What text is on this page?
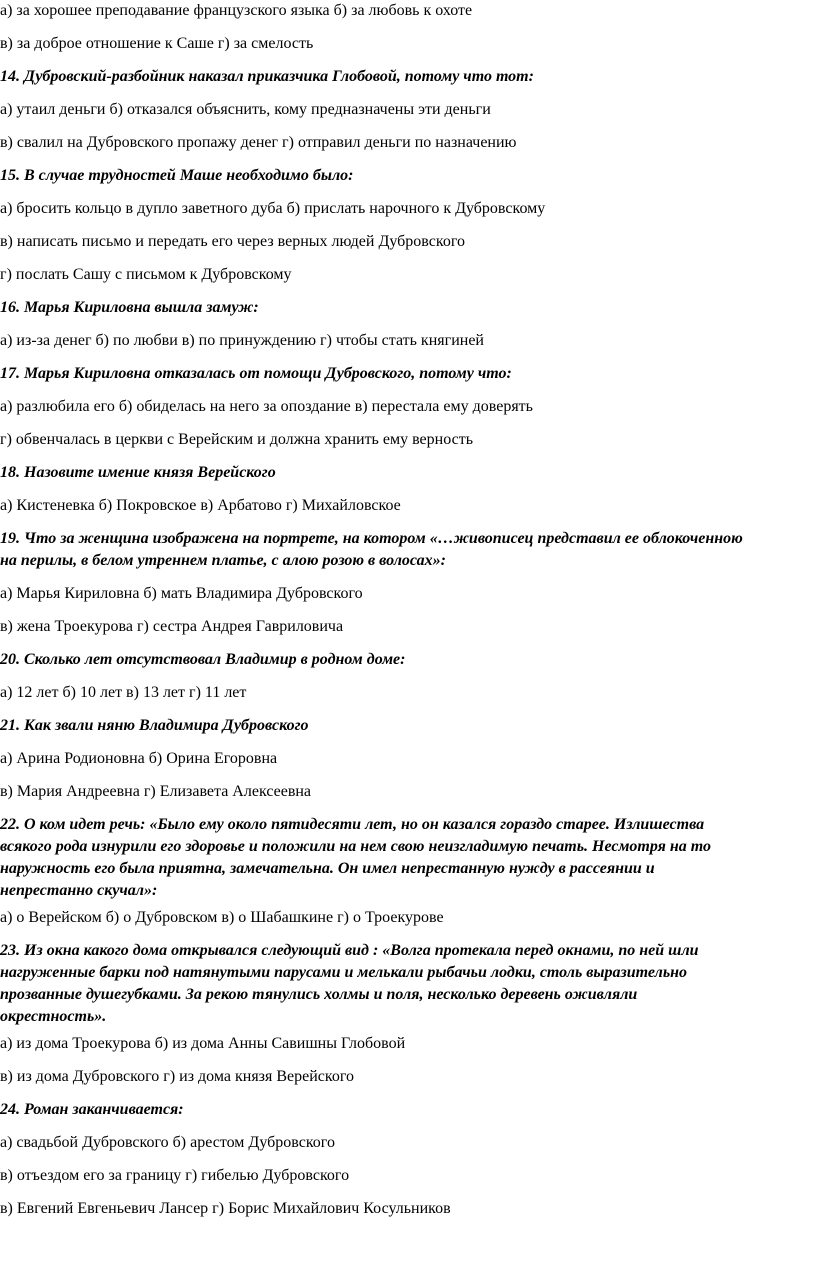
а) за хорошее преподавание французского языка б) за любовь к охоте
в) за доброе отношение к Саше г) за смелость
14. Дубровский-разбойник наказал приказчика Глобовой, потому что тот:
а) утаил деньги б) отказался объяснить, кому предназначены эти деньги
в) свалил на Дубровского пропажу денег г) отправил деньги по назначению
15. В случае трудностей Маше необходимо было:
а) бросить кольцо в дупло заветного дуба б) прислать нарочного к Дубровскому
в) написать письмо и передать его через верных людей Дубровского
г) послать Сашу с письмом к Дубровскому
16. Марья Кириловна вышла замуж:
а) из-за денег б) по любви в) по принуждению г) чтобы стать княгиней
17. Марья Кириловна отказалась от помощи Дубровского, потому что:
а) разлюбила его б) обиделась на него за опоздание в) перестала ему доверять
г) обвенчалась в церкви с Верейским и должна хранить ему верность
18. Назовите имение князя Верейского
а) Кистеневка б) Покровское в) Арбатово г) Михайловское
19. Что за женщина изображена на портрете, на котором «…живописец представил ее облокоченною
на перилы, в белом утреннем платье, с алою розою в волосах»:
а) Марья Кириловна б) мать Владимира Дубровского
в) жена Троекурова г) сестра Андрея Гавриловича
20. Сколько лет отсутствовал Владимир в родном доме:
а) 12 лет б) 10 лет в) 13 лет г) 11 лет
21. Как звали няню Владимира Дубровского
а) Арина Родионовна б) Орина Егоровна
в) Мария Андреевна г) Елизавета Алексеевна
22. О ком идет речь: «Было ему около пятидесяти лет, но он казался гораздо старее. Излишества
всякого рода изнурили его здоровье и положили на нем свою неизгладимую печать. Несмотря на то
наружность его была приятна, замечательна. Он имел непрестанную нужду в рассеянии и
непрестанно скучал»:
а) о Верейском б) о Дубровском в) о Шабашкине г) о Троекурове
23. Из окна какого дома открывался следующий вид : «Волга протекала перед окнами, по ней шли
нагруженные барки под натянутыми парусами и мелькали рыбачьи лодки, столь выразительно
прозванные душегубками. За рекою тянулись холмы и поля, несколько деревень оживляли
окрестность».
а) из дома Троекурова б) из дома Анны Савишны Глобовой
в) из дома Дубровского г) из дома князя Верейского
24. Роман заканчивается:
а) свадьбой Дубровского б) арестом Дубровского
в) отъездом его за границу г) гибелью Дубровского
в) Евгений Евгеньевич Лансер г) Борис Михайлович Косульников
